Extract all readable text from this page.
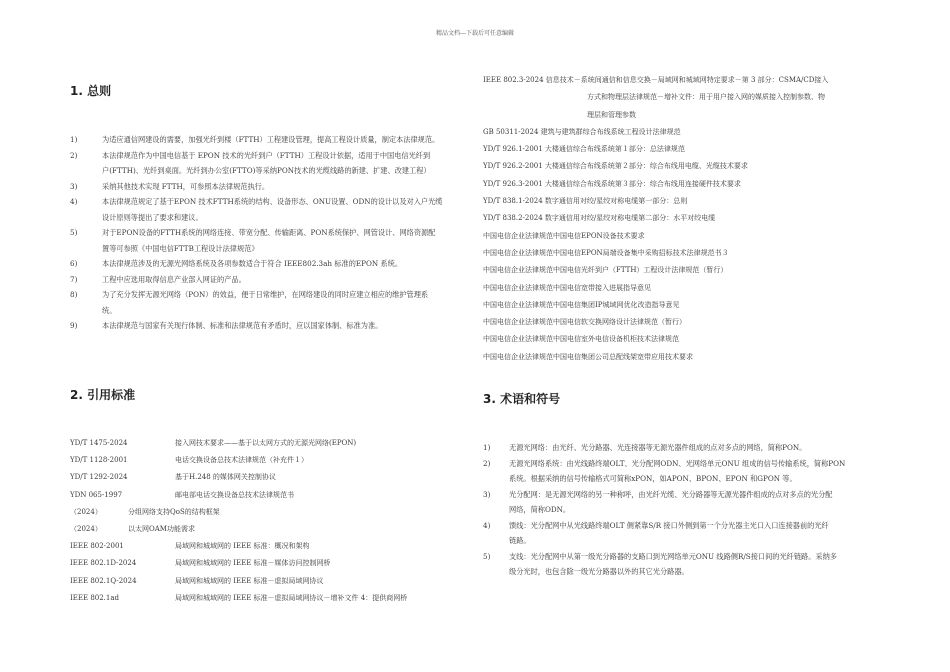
精品文档---下载后可任意编辑
1. 总则
1)	为适应通信网建设的需要，加强光纤到楼（FTTH）工程建设管理，提高工程设计质量，制定本法律规范。
2)	本法律规范作为中国电信基于 EPON 技术的光纤到户（FTTH）工程设计依据，适用于中国电信光纤到
户(FTTH)、光纤到桌面。光纤到办公室(FTTO)等采纳PON技术的光缆线路的新建、扩建、改建工程）
3)	采纳其他技术实现 FTTH，可参照本法律规范执行。
4)	本法律规范规定了基于EPON 技术FTTH系统的结构、设备形态、ONU设置、ODN的设计以及对入户光缆
设计原则等提出了要求和建议。
5)	对于EPON设备的FTTH系统的网络连接、带宽分配、传输距离、PON系统保护、网管设计、网络资源配
置等可参照《中国电信FTTB工程设计法律规范》
6)	本法律规范涉及的无源光网络系统及各项参数适合于符合 IEEE802.3ah 标准的EPON 系统。
7)	工程中应选用取得信息产业部入网证的产品。
8)	为了充分发挥无源光网络（PON）的效益，便于日常维护，在网络建设的同时应建立相应的维护管理系
统。
9)	本法律规范与国家有关现行体制、标准和法律规范有矛盾时，应以国家体制、标准为准。
2. 引用标准
YD/T 1475-2024	接入网技术要求——基于以太网方式的无源光网络(EPON)
YD/T 1128-2001	电话交换设备总技术法律规范（补充件１）
YD/T 1292-2024	基于H.248 的媒体网关控制协议
YDN 065-1997	邮电部电话交换设备总技术法律规范书
（2024）	分组网络支持QoS的结构框架
（2024）	以太网OAM功能需求
IEEE 802-2001	局域网和城域网的 IEEE 标准：概况和架构
IEEE 802.1D-2024	局域网和城域网的 IEEE 标准－媒体访问控制网桥
IEEE 802.1Q-2024	局域网和城域网的 IEEE 标准－虚拟局域网协议
IEEE 802.1ad	局域网和城域网的 IEEE 标准－虚拟局域网协议－增补文件 4：提供商网桥
IEEE 802.3-2024 信息技术－系统间通信和信息交换－局域网和城域网特定要求－第 3 部分：CSMA/CD接入
方式和物理层法律规范－增补文件：用于用户接入网的媒质接入控制参数、物
理层和管理参数
GB 50311-2024 建筑与建筑群综合布线系统工程设计法律规范
YD/T 926.1-2001 大楼通信综合布线系统第１部分：总法律规范
YD/T 926.2-2001 大楼通信综合布线系统第２部分：综合布线用电缆、光缆技术要求
YD/T 926.3-2001 大楼通信综合布线系统第３部分：综合布线用连接硬件技术要求
YD/T 838.1-2024 数字通信用对绞/星绞对称电缆第一部分：总则
YD/T 838.2-2024 数字通信用对绞/星绞对称电缆第二部分：水平对绞电缆
中国电信企业法律规范中国电信EPON设备技术要求
中国电信企业法律规范中国电信EPON局端设备集中采购招标技术法律规范书３
中国电信企业法律规范中国电信光纤到户（FTTH）工程设计法律规范（暂行）
中国电信企业法律规范中国电信宽带接入进展指导意见
中国电信企业法律规范中国电信集团IP城域网优化改造指导意见
中国电信企业法律规范中国电信软交换网络设计法律规范（暂行）
中国电信企业法律规范中国电信室外电信设备机柜技术法律规范
中国电信企业法律规范中国电信集团公司总配线架宽带应用技术要求
3. 术语和符号
1)	无源光网络：由光纤、光分路器、光连接器等无源光器件组成的点对多点的网络，简称PON。
2)	无源光网络系统：由光线路终端OLT、光分配网ODN、光网络单元ONU 组成的信号传输系统，简称PON
系统。根据采纳的信号传输格式可简称xPON，如APON、BPON、EPON 和GPON 等。
3)	光分配网：是无源光网络的另一种称呼，由光纤光缆、光分路器等无源光器件组成的点对多点的光分配
网络，简称ODN。
4)	馈线：光分配网中从光线路终端OLT 侧紧靠S/R 接口外侧到第一个分光器主光口入口连接器前的光纤
链路。
5)	支线：光分配网中从第一级光分路器的支路口到光网络单元ONU 线路侧R/S接口间的光纤链路。采纳多
级分光时，也包含除一级光分路器以外的其它光分路器。
